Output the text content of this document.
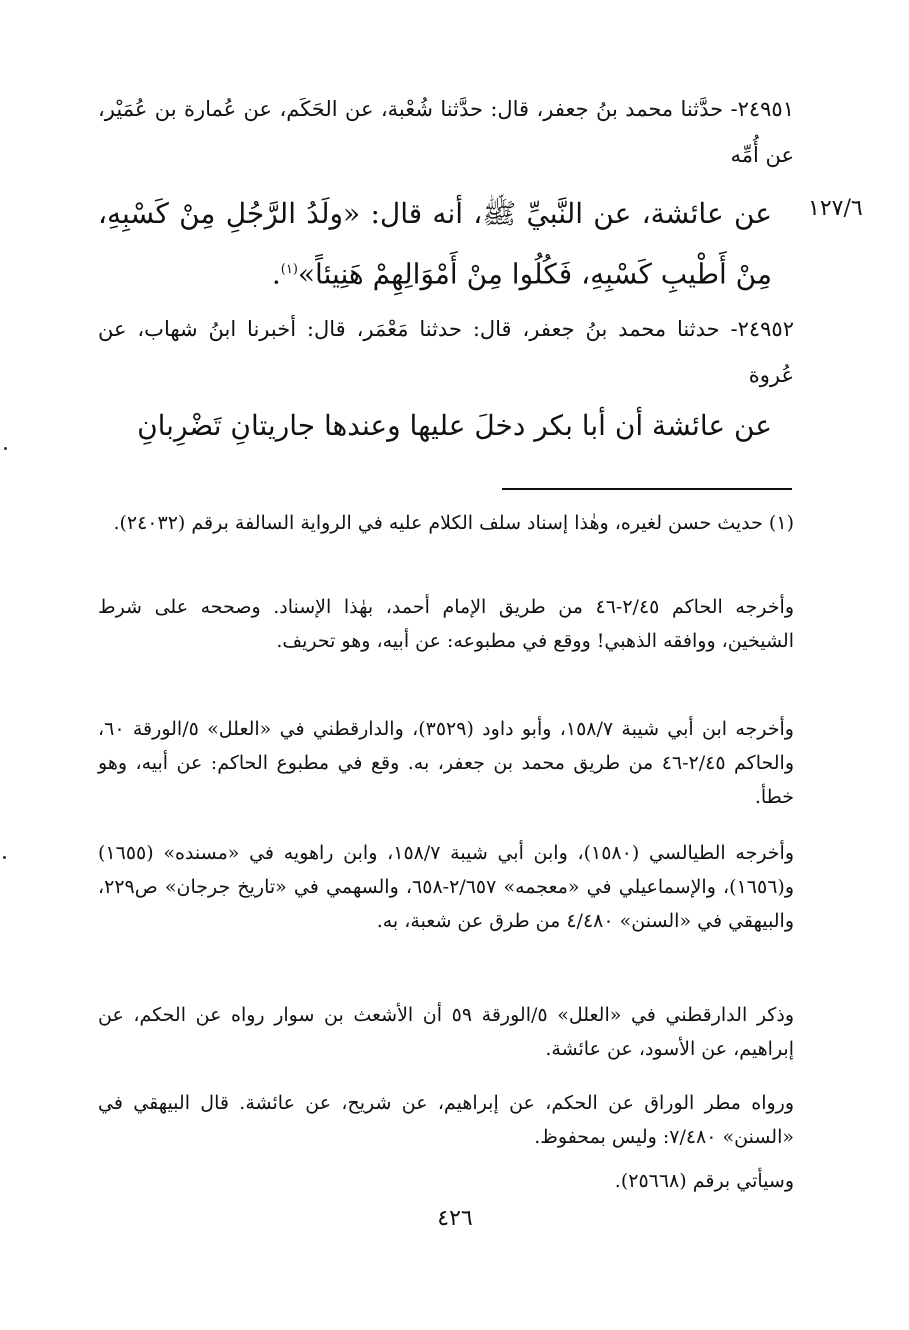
٢٤٩٥١- حدَّثنا محمد بنُ جعفر، قال: حدَّثنا شُعْبة، عن الحَكَم، عن عُمارة بن عُمَيْر، عن أُمِّه
١٢٧/٦
عن عائشة، عن النَّبيِّ ﷺ، أنه قال: «ولَدُ الرَّجُلِ مِنْ كَسْبِهِ، مِنْ أَطْيبِ كَسْبِهِ، فَكُلُوا مِنْ أَمْوَالِهِمْ هَنِيئاً»$^{(١)}$.
٢٤٩٥٢- حدثنا محمد بنُ جعفر، قال: حدثنا مَعْمَر، قال: أخبرنا ابنُ شهاب، عن عُروة
عن عائشة أن أبا بكر دخلَ عليها وعندها جاريتانِ تَضْرِبانِ
(١) حديث حسن لغيره، وهٰذا إسناد سلف الكلام عليه في الرواية السالفة برقم (٢٤٠٣٢).
وأخرجه الحاكم ٢/٤٥-٤٦ من طريق الإمام أحمد، بهٰذا الإسناد. وصححه على شرط الشيخين، ووافقه الذهبي! ووقع في مطبوعه: عن أبيه، وهو تحريف.
وأخرجه ابن أبي شيبة ١٥٨/٧، وأبو داود (٣٥٢٩)، والدارقطني في «العلل» ٥/الورقة ٦٠، والحاكم ٢/٤٥-٤٦ من طريق محمد بن جعفر، به. وقع في مطبوع الحاكم: عن أبيه، وهو خطأ.
وأخرجه الطيالسي (١٥٨٠)، وابن أبي شيبة ١٥٨/٧، وابن راهويه في «مسنده» (١٦٥٥) و(١٦٥٦)، والإسماعيلي في «معجمه» ٢/٦٥٧-٦٥٨، والسهمي في «تاريخ جرجان» ص٢٢٩، والبيهقي في «السنن» ٤/٤٨٠ من طرق عن شعبة، به.
وذكر الدارقطني في «العلل» ٥/الورقة ٥٩ أن الأشعث بن سوار رواه عن الحكم، عن إبراهيم، عن الأسود، عن عائشة.
ورواه مطر الوراق عن الحكم، عن إبراهيم، عن شريح، عن عائشة. قال البيهقي في «السنن» ٧/٤٨٠: وليس بمحفوظ.
وسيأتي برقم (٢٥٦٦٨).
٤٢٦
